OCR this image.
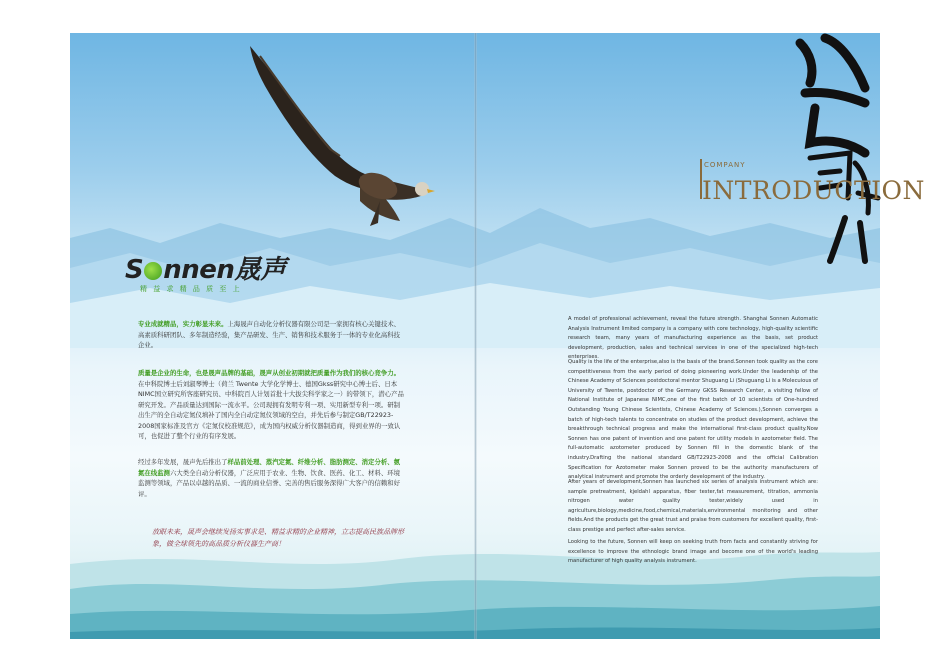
S nnen晟声
精 益 求 精 品 质 至 上
专业成就精品，实力彰显未来。上海晟声自动化分析仪器有限公司是一家拥有核心关键技术、高素质科研团队、多年制造经验，集产品研发、生产、销售和技术服务于一体的专业化高科技企业。
质量是企业的生命，也是晟声品牌的基础，晟声从创业初期就把质量作为我们的核心竞争力。在中科院博士后刘淑琴博士（荷兰 Twente 大学化学博士、德国Gkss研究中心博士后、日本NIMC国立研究所客座研究员、中科院百人计划首批十大拔尖科学家之一）的带领下，潜心产品研究开发。产品质量达到国际一流水平。公司现拥有发明专利一项、实用新型专利一项。研制出生产的全自动定氮仪填补了国内全自动定氮仪领域的空白，并先后参与制定GB/T22923-2008国家标准及官方《定氮仪校准规范》，成为国内权威分析仪器制造商，得到业界的一致认可，也促进了整个行业的有序发展。
经过多年发展，晟声先后推出了样品前处理、蒸汽定氮、纤维分析、脂肪测定、消定分析、氨氮在线监测六大类全自动分析仪器，广泛应用于农业、生物、饮食、医药、化工、材料、环境监测等领域，产品以卓越的品质、一流的商业信誉、完善的售后服务深得广大客户的信赖和好评。
放眼未来，晟声会继续发扬实事求是、精益求精的企业精神，立志提高民族品牌形象，做全球领先的高品质分析仪器生产商！
COMPANY
INTRODUCTION
A model of professional achievement, reveal the future strength. Shanghai Sonnen Automatic Analysis Instrument limited company is a company with core technology, high-quality scientific research team, many years of manufacturing experience as the basis, set product development, production, sales and technical services in one of the specialized high-tech enterprises.
Quality is the life of the enterprise,also is the basis of the brand.Sonnen took quality as the core competitiveness from the early period of doing pioneering work.Under the leadership of the Chinese Academy of Sciences postdoctoral mentor Shuguang Li (Shuguang Li is a Molecuious of University of Twente, postdoctor of the Germany GKSS Research Center, a visiting fellow of National Institute of Japanese NIMC,one of the first batch of 10 scientists of One-hundred Outstanding Young Chinese Scientists, Chinese Academy of Sciences.),Sonnen converges a batch of high-tech talents to concentrate on studies of the product development, achieve the breakthrough technical progress and make the international first-class product quality.Now Sonnen has one patent of invention and one patent for utility models in azotometer field. The full-automatic azotometer produced by Sonnen fill in the domestic blank of the industry.Drafting the national standard GB/T22923-2008 and the official Calibration Specification for Azotometer make Sonnen proved to be the authority manufacturers of analytical instrument and promote the orderly development of the industry.
After years of development,Sonnen has launched six series of analysis instrument which are: sample pretreatment, kjeldahl apparatus, fiber tester,fat measurement, titration, ammonia nitrogen water quality tester,widely used in agriculture,biology,medicine,food,chemical,materials,environmental monitoring and other fields.And the products get the great trust and praise from customers for excellent quality, first-class prestige and perfect after-sales service.
Looking to the future, Sonnen will keep on seeking truth from facts and constantly striving for excellence to improve the ethnologic brand image and become one of the world's leading manufacturer of high quality analysis instrument.
